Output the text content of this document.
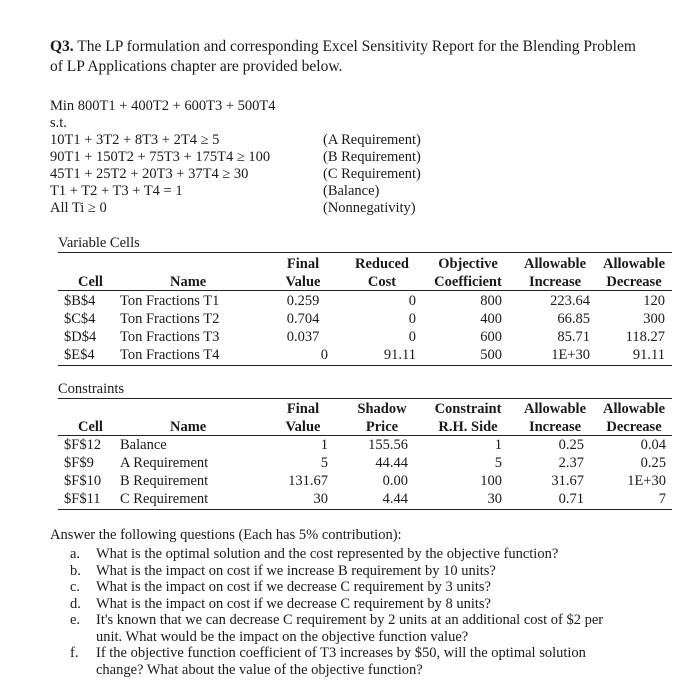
Q3. The LP formulation and corresponding Excel Sensitivity Report for the Blending Problem
of LP Applications chapter are provided below.
Min 800T1 + 400T2 + 600T3 + 500T4
s.t.
10T1 + 3T2 + 8T3 + 2T4 ≥ 5	(A Requirement)
90T1 + 150T2 + 75T3 + 175T4 ≥ 100	(B Requirement)
45T1 + 25T2 + 20T3 + 37T4 ≥ 30	(C Requirement)
T1 + T2 + T3 + T4 = 1	(Balance)
All Ti ≥ 0	(Nonnegativity)
Variable Cells
Final	Reduced	Objective	Allowable	Allowable
Cell	Name	Value	Cost	Coefficient	Increase	Decrease
$B$4 Ton Fractions T1	0.259	0	800	223.64	120
$C$4 Ton Fractions T2	0.704	0	400	66.85	300
$D$4 Ton Fractions T3	0.037	0	600	85.71	118.27
$E$4 Ton Fractions T4	0	91.11	500	1E+30	91.11
Constraints
Final	Shadow	Constraint	Allowable	Allowable
Cell	Name	Value	Price	R.H. Side	Increase	Decrease
$F$12 Balance	1	155.56	1	0.25	0.04
$F$9 A Requirement	5	44.44	5	2.37	0.25
$F$10 B Requirement	131.67	0.00	100	31.67	1E+30
$F$11 C Requirement	30	4.44	30	0.71	7
Answer the following questions (Each has 5% contribution):
a. What is the optimal solution and the cost represented by the objective function?
b. What is the impact on cost if we increase B requirement by 10 units?
c. What is the impact on cost if we decrease C requirement by 3 units?
d. What is the impact on cost if we decrease C requirement by 8 units?
e. It's known that we can decrease C requirement by 2 units at an additional cost of $2 per unit. What would be the impact on the objective function value?
f. If the objective function coefficient of T3 increases by $50, will the optimal solution change? What about the value of the objective function?
